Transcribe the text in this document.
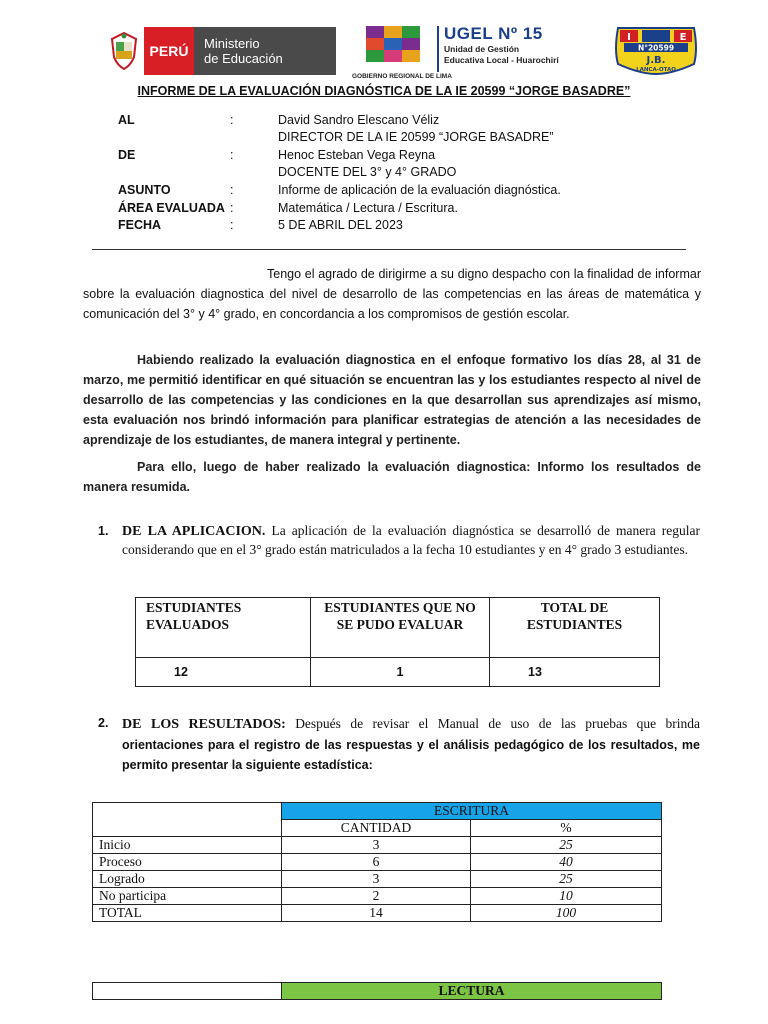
PERÚ	Ministerio
de Educación
GOBIERNO REGIONAL DE LIMA
UGEL Nº 15
Unidad de Gestión
Educativa Local - Huarochirí
I	E
N°20599
J.B.
LANCA-OTAO
INFORME DE LA EVALUACIÓN DIAGNÓSTICA DE LA IE 20599 “JORGE BASADRE”
AL	:	David Sandro Elescano Véliz
DIRECTOR DE LA IE 20599 “JORGE BASADRE”
DE	:	Henoc Esteban Vega Reyna
DOCENTE DEL 3° y 4° GRADO
ASUNTO	:	Informe de aplicación de la evaluación diagnóstica.
ÁREA EVALUADA :	Matemática / Lectura / Escritura.
FECHA	:	5 DE ABRIL DEL 2023
Tengo el agrado de dirigirme a su digno despacho con la finalidad de informar sobre la evaluación diagnostica del nivel de desarrollo de las competencias en las áreas de matemática y comunicación del 3° y 4° grado, en concordancia a los compromisos de gestión escolar.
Habiendo realizado la evaluación diagnostica en el enfoque formativo los días 28, al 31 de marzo, me permitió identificar en qué situación se encuentran las y los estudiantes respecto al nivel de desarrollo de las competencias y las condiciones en la que desarrollan sus aprendizajes así mismo, esta evaluación nos brindó información para planificar estrategias de atención a las necesidades de aprendizaje de los estudiantes, de manera integral y pertinente.
Para ello, luego de haber realizado la evaluación diagnostica: Informo los resultados de manera resumida.
1. DE LA APLICACION. La aplicación de la evaluación diagnóstica se desarrolló de manera regular considerando que en el 3° grado están matriculados a la fecha 10 estudiantes y en 4° grado 3 estudiantes.
ESTUDIANTES EVALUADOS	ESTUDIANTES QUE NO SE PUDO EVALUAR	TOTAL DE ESTUDIANTES
12	1	13
2. DE LOS RESULTADOS: Después de revisar el Manual de uso de las pruebas que brinda orientaciones para el registro de las respuestas y el análisis pedagógico de los resultados, me permito presentar la siguiente estadística:
	ESCRITURA	
	CANTIDAD	%
Inicio	3	25
Proceso	6	40
Logrado	3	25
No participa	2	10
TOTAL	14	100
	LECTURA
